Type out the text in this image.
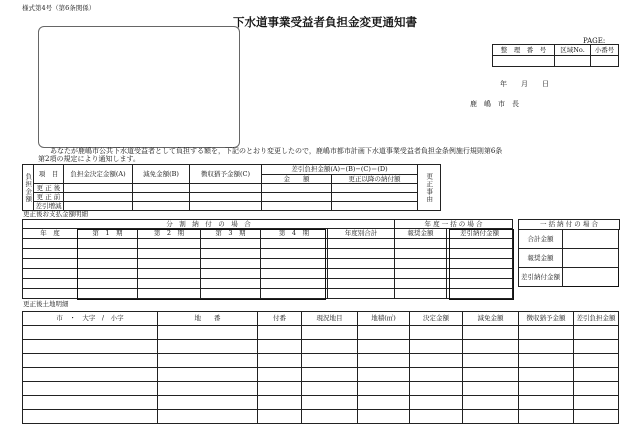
様式第4号（第6条関係）
下水道事業受益者負担金変更通知書
PAGE:
整　理　番　号	区域No.	小番号

年　　月　　日
鹿　嶋　市　長
あなたが鹿嶋市公共下水道受益者として負担する額を，下記のとおり変更したので，鹿嶋市都市計画下水道事業受益者負担金条例施行規則第6条
第2項の規定により通知します。
負担金額	項　目	負担金決定金額(A)	減免金額(B)	徴収猶予金額(C)	差引負担金額(A)−(B)−(C)＝(D)		更正事由
					金　　額	更正以降の納付額	
	更 正 後						
	更 正 前						
	差引増減						
更正後お支払金額明細
分　割　納　付　の　場　合						年 度 一 括 の 場 合	
年　度	第　1　期	第　2　期	第　3　期	第　4　期	年度別合計	報奨金額	差引納付金額

合計金額	
報奨金額	
差引納付金額	
一 括 納 付 の 場 合
更正後土地明細
市　・　大字　/　小字	地　　番	付番	現況地目	地積(㎡)	決定金額	減免金額	徴収猶予金額	差引負担金額
